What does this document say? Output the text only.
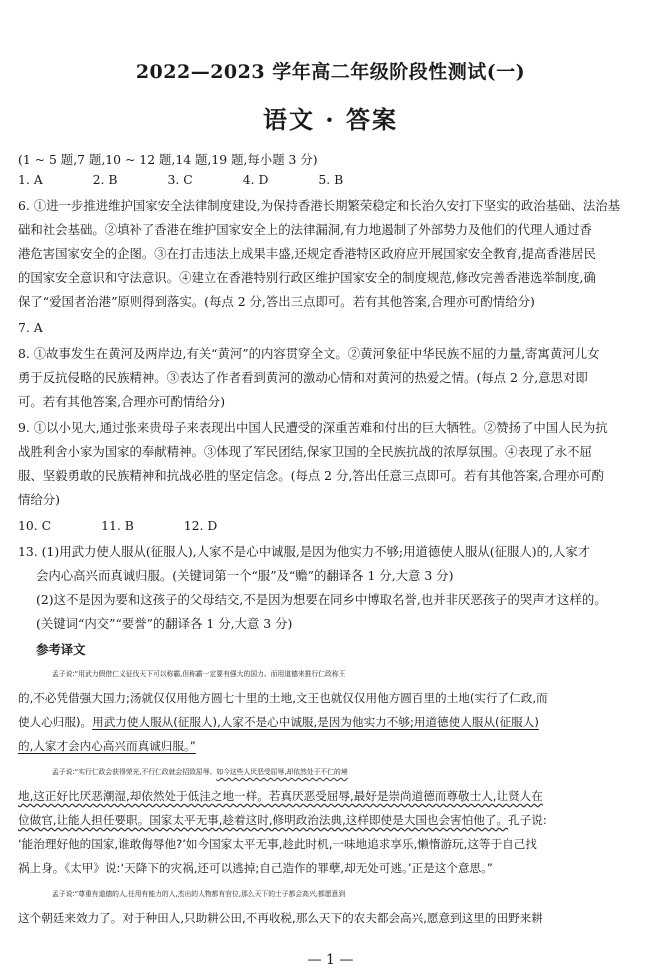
2022—2023 学年高二年级阶段性测试(一)
语文 · 答案
(1 ~ 5 题,7 题,10 ~ 12 题,14 题,19 题,每小题 3 分)
1. A	2. B	3. C	4. D	5. B
6. ①进一步推进维护国家安全法律制度建设,为保持香港长期繁荣稳定和长治久安打下坚实的政治基础、法治基
础和社会基础。②填补了香港在维护国家安全上的法律漏洞,有力地遏制了外部势力及他们的代理人通过香
港危害国家安全的企图。③在打击违法上成果丰盛,还规定香港特区政府应开展国家安全教育,提高香港居民
的国家安全意识和守法意识。④建立在香港特别行政区维护国家安全的制度规范,修改完善香港选举制度,确
保了“爱国者治港”原则得到落实。(每点 2 分,答出三点即可。若有其他答案,合理亦可酌情给分)
7. A
8. ①故事发生在黄河及两岸边,有关“黄河”的内容贯穿全文。②黄河象征中华民族不屈的力量,寄寓黄河儿女
勇于反抗侵略的民族精神。③表达了作者看到黄河的激动心情和对黄河的热爱之情。(每点 2 分,意思对即
可。若有其他答案,合理亦可酌情给分)
9. ①以小见大,通过张来贵母子来表现出中国人民遭受的深重苦难和付出的巨大牺牲。②赞扬了中国人民为抗
战胜利舍小家为国家的奉献精神。③体现了军民团结,保家卫国的全民族抗战的浓厚氛围。④表现了永不屈
服、坚毅勇敢的民族精神和抗战必胜的坚定信念。(每点 2 分,答出任意三点即可。若有其他答案,合理亦可酌
情给分)
10. C	11. B	12. D
13. (1)用武力使人服从(征服人),人家不是心中诚服,是因为他实力不够;用道德使人服从(征服人)的,人家才
会内心高兴而真诚归服。(关键词第一个“服”及“赡”的翻译各 1 分,大意 3 分)
(2)这不是因为要和这孩子的父母结交,不是因为想要在同乡中博取名誉,也并非厌恶孩子的哭声才这样的。
(关键词“内交”“要誉”的翻译各 1 分,大意 3 分)
参考译文
孟子说:“用武力假借仁义征伐天下可以称霸,但称霸一定要有强大的国力。而用道德来推行仁政称王
的,不必凭借强大国力;汤就仅仅用他方圆七十里的土地,文王也就仅仅用他方圆百里的土地(实行了仁政,而
使人心归服)。用武力使人服从(征服人),人家不是心中诚服,是因为他实力不够;用道德使人服从(征服人)
的,人家才会内心高兴而真诚归服。”
孟子说:“实行仁政会获得荣光,不行仁政就会招致屈辱。如今这些人厌恶受屈辱,却依然处于不仁的境
地,这正好比厌恶潮湿,却依然处于低洼之地一样。若真厌恶受屈辱,最好是崇尚道德而尊敬士人,让贤人在
位做官,让能人担任要职。国家太平无事,趁着这时,修明政治法典,这样即使是大国也会害怕他了。孔子说:
‘能治理好他的国家,谁敢侮辱他?’如今国家太平无事,趁此时机,一味地追求享乐,懒惰游玩,这等于自己找
祸上身。《太甲》说:‘天降下的灾祸,还可以逃掉;自己造作的罪孽,却无处可逃。’正是这个意思。”
孟子说:“尊重有道德的人,任用有能力的人,杰出的人物都有官位,那么天下的士子都会高兴,都愿意到
这个朝廷来效力了。对于种田人,只助耕公田,不再收税,那么天下的农夫都会高兴,愿意到这里的田野来耕
— 1 —
